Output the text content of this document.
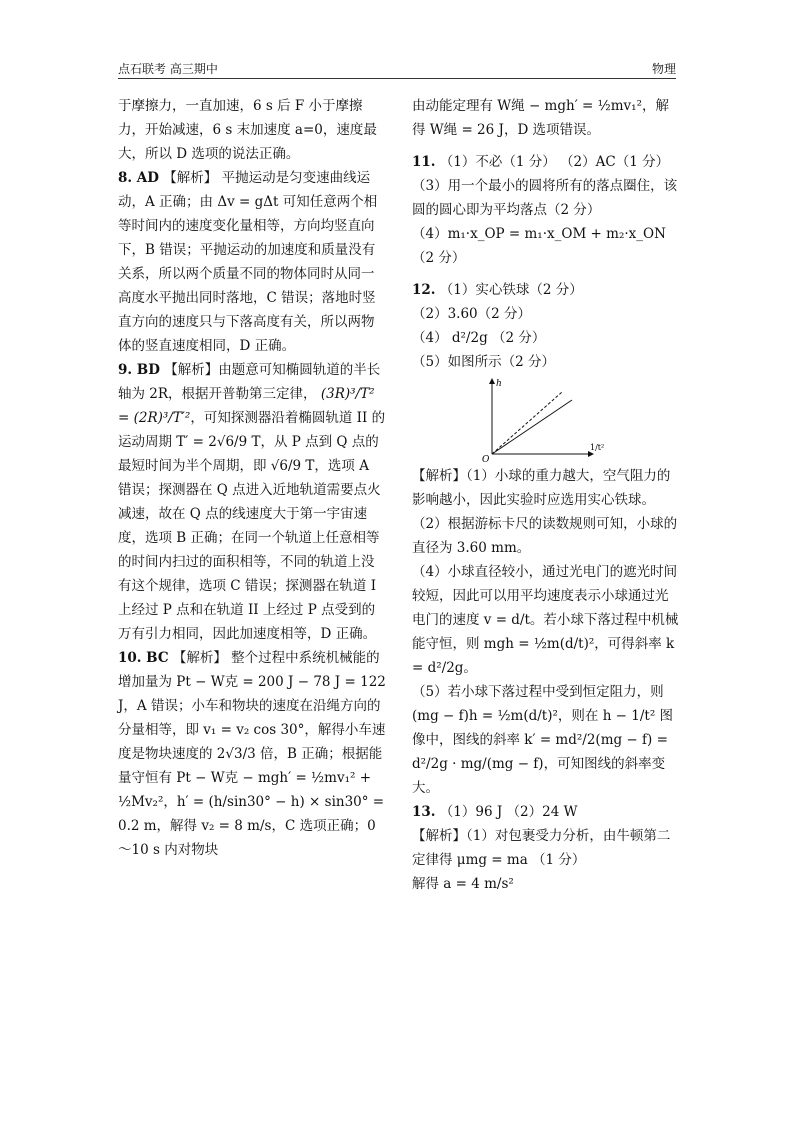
点石联考 高三期中	物理

于摩擦力，一直加速，6 s 后 F 小于摩擦力，开始减速，6 s 末加速度 a=0，速度最大，所以 D 选项的说法正确。

8. AD 【解析】 平抛运动是匀变速曲线运动，A 正确；由 Δv = gΔt 可知任意两个相等时间内的速度变化量相等，方向均竖直向下，B 错误；平抛运动的加速度和质量没有关系，所以两个质量不同的物体同时从同一高度水平抛出同时落地，C 错误；落地时竖直方向的速度只与下落高度有关，所以两物体的竖直速度相同，D 正确。

9. BD 【解析】由题意可知椭圆轨道的半长轴为 2R，根据开普勒第三定律， (3R)³/T² = (2R)³/T′²，可知探测器沿着椭圆轨道 II 的运动周期 T′ = 2√6/9 T，从 P 点到 Q 点的最短时间为半个周期，即 √6/9 T，选项 A 错误；探测器在 Q 点进入近地轨道需要点火减速，故在 Q 点的线速度大于第一宇宙速度，选项 B 正确；在同一个轨道上任意相等的时间内扫过的面积相等，不同的轨道上没有这个规律，选项 C 错误；探测器在轨道 I 上经过 P 点和在轨道 II 上经过 P 点受到的万有引力相同，因此加速度相等，D 正确。

10. BC 【解析】 整个过程中系统机械能的增加量为 Pt − W克 = 200 J − 78 J = 122 J，A 错误；小车和物块的速度在沿绳方向的分量相等，即 v₁ = v₂ cos 30°，解得小车速度是物块速度的 2√3/3 倍，B 正确；根据能量守恒有 Pt − W克 − mgh′ = ½mv₁² + ½Mv₂²，h′ = (h/sin30° − h) × sin30° = 0.2 m，解得 v₂ = 8 m/s，C 选项正确；0～10 s 内对物块

由动能定理有 W绳 − mgh′ = ½mv₁²，解得 W绳 = 26 J，D 选项错误。

11. （1）不必（1 分） （2）AC（1 分）

（3）用一个最小的圆将所有的落点圈住，该圆的圆心即为平均落点（2 分）

（4）m₁·x_OP = m₁·x_OM + m₂·x_ON（2 分）

12. （1）实心铁球（2 分）

（2）3.60（2 分）

（4） d²/2g （2 分）

（5）如图所示（2 分）

h
O
1/t²

【解析】（1）小球的重力越大，空气阻力的影响越小，因此实验时应选用实心铁球。

（2）根据游标卡尺的读数规则可知，小球的直径为 3.60 mm。

（4）小球直径较小，通过光电门的遮光时间较短，因此可以用平均速度表示小球通过光电门的速度 v = d/t。若小球下落过程中机械能守恒，则 mgh = ½m(d/t)²，可得斜率 k = d²/2g。

（5）若小球下落过程中受到恒定阻力，则 (mg − f)h = ½m(d/t)²，则在 h − 1/t² 图像中，图线的斜率 k′ = md²/2(mg − f) = d²/2g · mg/(mg − f)，可知图线的斜率变大。

13. （1）96 J （2）24 W

【解析】（1）对包裹受力分析，由牛顿第二定律得 μmg = ma （1 分）

解得 a = 4 m/s²
